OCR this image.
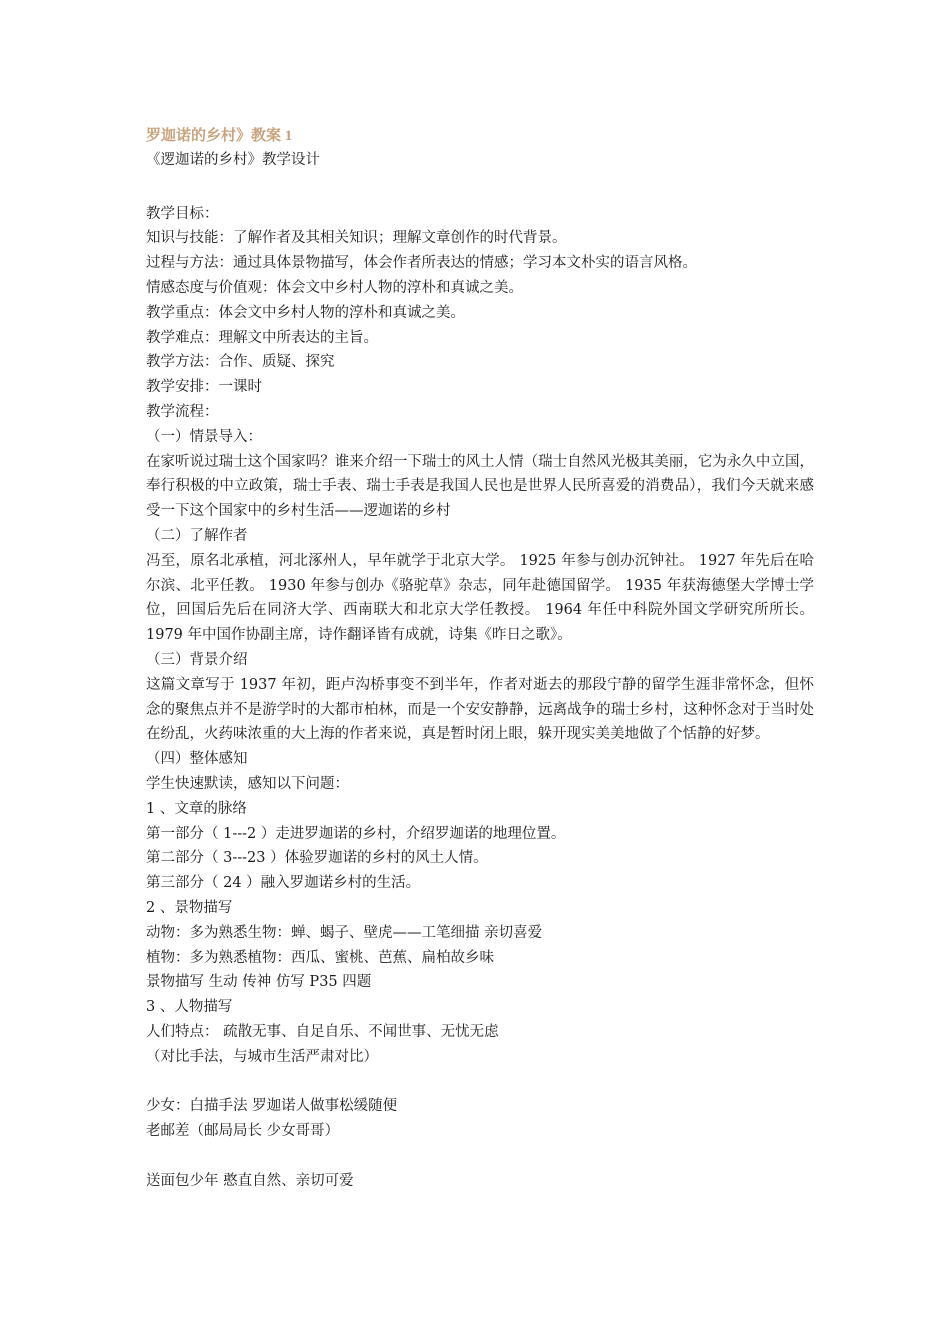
罗迦诺的乡村》教案 1
《逻迦诺的乡村》教学设计
教学目标：
知识与技能：了解作者及其相关知识；理解文章创作的时代背景。
过程与方法：通过具体景物描写，体会作者所表达的情感；学习本文朴实的语言风格。
情感态度与价值观：体会文中乡村人物的淳朴和真诚之美。
教学重点：体会文中乡村人物的淳朴和真诚之美。
教学难点：理解文中所表达的主旨。
教学方法：合作、质疑、探究
教学安排：一课时
教学流程：
（一）情景导入：
在家听说过瑞士这个国家吗？谁来介绍一下瑞士的风土人情（瑞士自然风光极其美丽，它为永久中立国，奉行积极的中立政策，瑞士手表、瑞士手表是我国人民也是世界人民所喜爱的消费品），我们今天就来感受一下这个国家中的乡村生活——逻迦诺的乡村
（二）了解作者
冯至，原名北承植，河北涿州人，早年就学于北京大学。 1925 年参与创办沉钟社。 1927 年先后在哈尔滨、北平任教。 1930 年参与创办《骆驼草》杂志，同年赴德国留学。 1935 年获海德堡大学博士学位，回国后先后在同济大学、西南联大和北京大学任教授。 1964 年任中科院外国文学研究所所长。 1979 年中国作协副主席，诗作翻译皆有成就，诗集《昨日之歌》。
（三）背景介绍
这篇文章写于 1937 年初，距卢沟桥事变不到半年，作者对逝去的那段宁静的留学生涯非常怀念，但怀念的聚焦点并不是游学时的大都市柏林，而是一个安安静静，远离战争的瑞士乡村，这种怀念对于当时处在纷乱，火药味浓重的大上海的作者来说，真是暂时闭上眼，躲开现实美美地做了个恬静的好梦。
（四）整体感知
学生快速默读，感知以下问题：
1 、文章的脉络
第一部分（ 1---2 ）走进罗迦诺的乡村，介绍罗迦诺的地理位置。
第二部分（ 3---23 ）体验罗迦诺的乡村的风土人情。
第三部分（ 24 ）融入罗迦诺乡村的生活。
2 、景物描写
动物：多为熟悉生物：蝉、蝎子、壁虎——工笔细描 亲切喜爱
植物：多为熟悉植物：西瓜、蜜桃、芭蕉、扁柏故乡味
景物描写 生动 传神 仿写 P35 四题
3 、人物描写
人们特点： 疏散无事、自足自乐、不闻世事、无忧无虑
（对比手法，与城市生活严肃对比）
少女：白描手法 罗迦诺人做事松缓随便
老邮差（邮局局长 少女哥哥）
送面包少年 憨直自然、亲切可爱
